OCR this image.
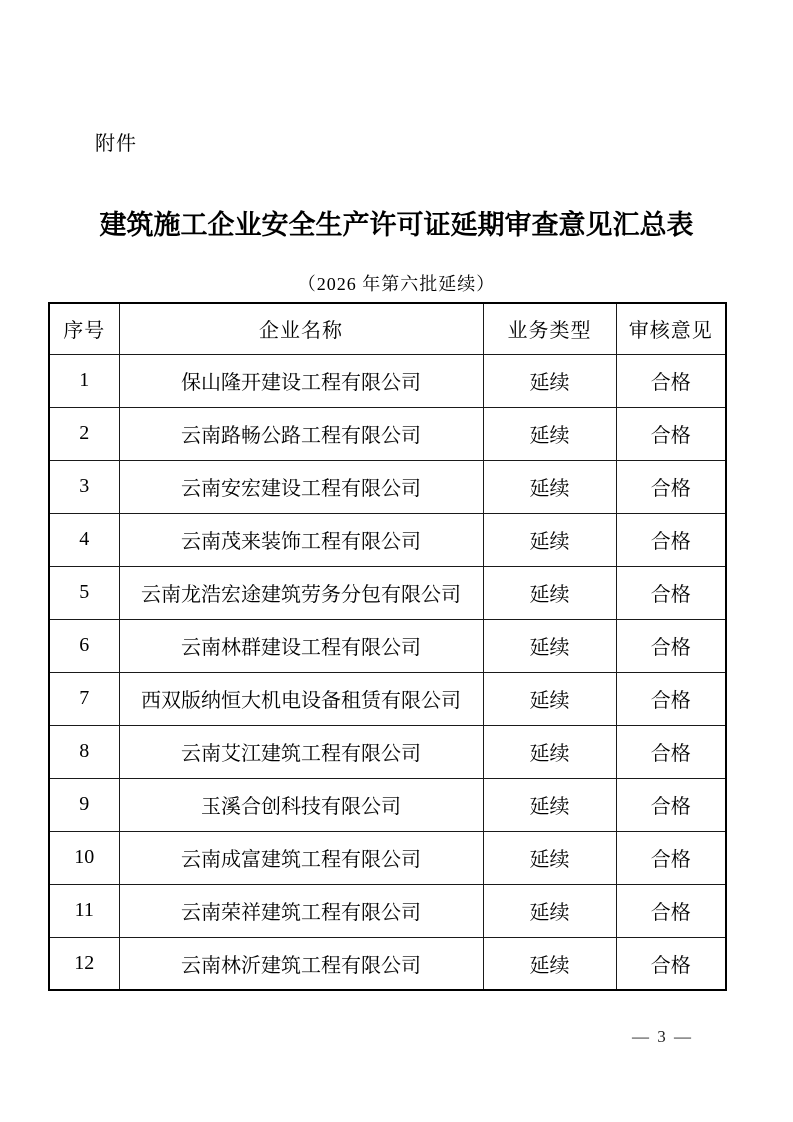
附件
建筑施工企业安全生产许可证延期审查意见汇总表
（2026 年第六批延续）
序号	企业名称	业务类型	审核意见
1	保山隆开建设工程有限公司	延续	合格
2	云南路畅公路工程有限公司	延续	合格
3	云南安宏建设工程有限公司	延续	合格
4	云南茂来装饰工程有限公司	延续	合格
5	云南龙浩宏途建筑劳务分包有限公司	延续	合格
6	云南林群建设工程有限公司	延续	合格
7	西双版纳恒大机电设备租赁有限公司	延续	合格
8	云南艾江建筑工程有限公司	延续	合格
9	玉溪合创科技有限公司	延续	合格
10	云南成富建筑工程有限公司	延续	合格
11	云南荣祥建筑工程有限公司	延续	合格
12	云南林沂建筑工程有限公司	延续	合格
— 3 —
